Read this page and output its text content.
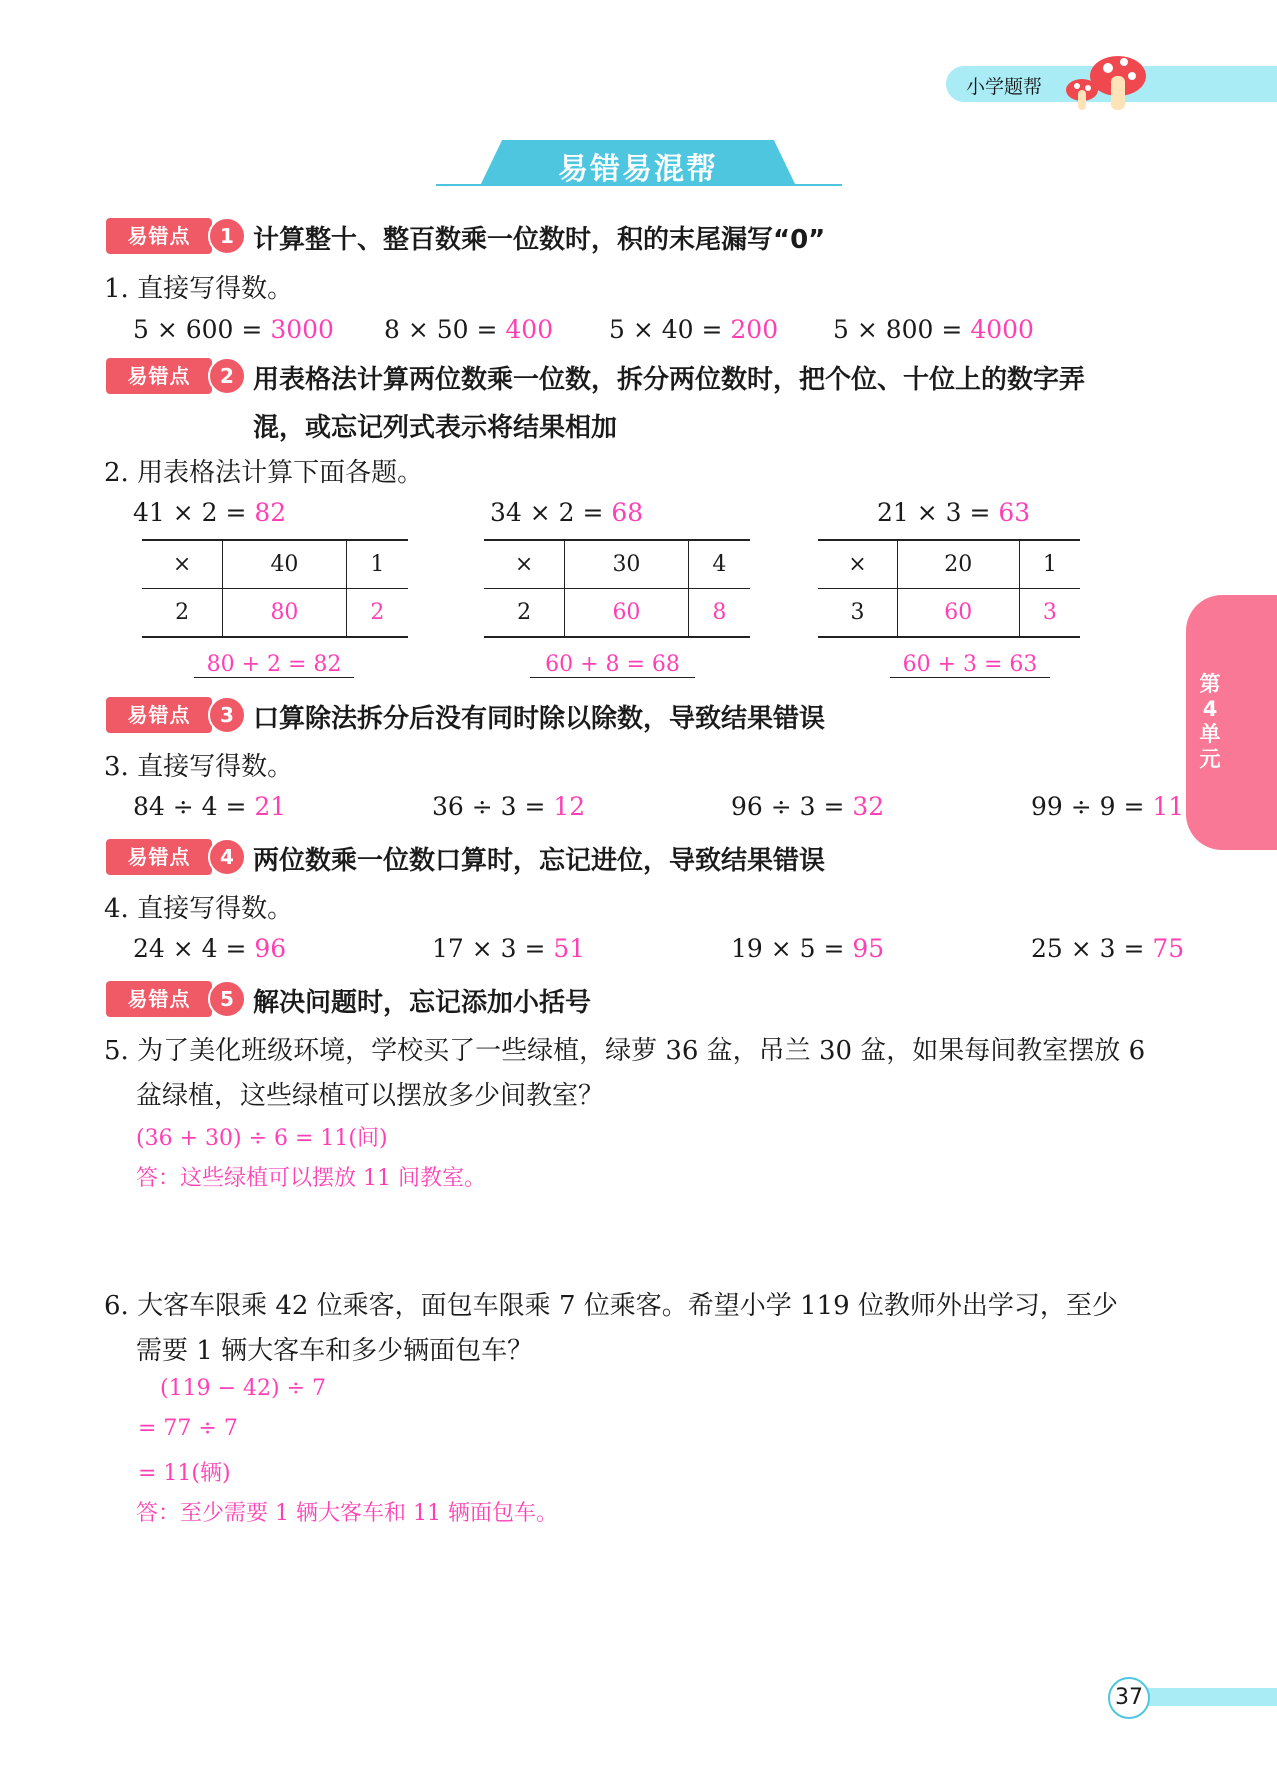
小学题帮
易错易混帮
第
4
单
元
易错点	1 计算整十、整百数乘一位数时，积的末尾漏写“0”
1. 直接写得数。
5 × 600 = 3000 8 × 50 = 400 5 × 40 = 200 5 × 800 = 4000
易错点	2 用表格法计算两位数乘一位数，拆分两位数时，把个位、十位上的数字弄
混，或忘记列式表示将结果相加
2. 用表格法计算下面各题。
41 × 2 = 82
×	40	1
2	80	2
80 + 2 = 82
34 × 2 = 68
×	30	4
2	60	8
60 + 8 = 68
21 × 3 = 63
×	20	1
3	60	3
60 + 3 = 63
易错点	3 口算除法拆分后没有同时除以除数，导致结果错误
3. 直接写得数。
84 ÷ 4 = 21	36 ÷ 3 = 12	96 ÷ 3 = 32	99 ÷ 9 = 11
易错点	4 两位数乘一位数口算时，忘记进位，导致结果错误
4. 直接写得数。
24 × 4 = 96	17 × 3 = 51	19 × 5 = 95	25 × 3 = 75
易错点	5 解决问题时，忘记添加小括号
5. 为了美化班级环境，学校买了一些绿植，绿萝 36 盆，吊兰 30 盆，如果每间教室摆放 6
盆绿植，这些绿植可以摆放多少间教室？
(36 + 30) ÷ 6 = 11(间)
答：这些绿植可以摆放 11 间教室。
6. 大客车限乘 42 位乘客，面包车限乘 7 位乘客。希望小学 119 位教师外出学习，至少
需要 1 辆大客车和多少辆面包车？
(119 − 42) ÷ 7
= 77 ÷ 7
= 11(辆)
答：至少需要 1 辆大客车和 11 辆面包车。
37
